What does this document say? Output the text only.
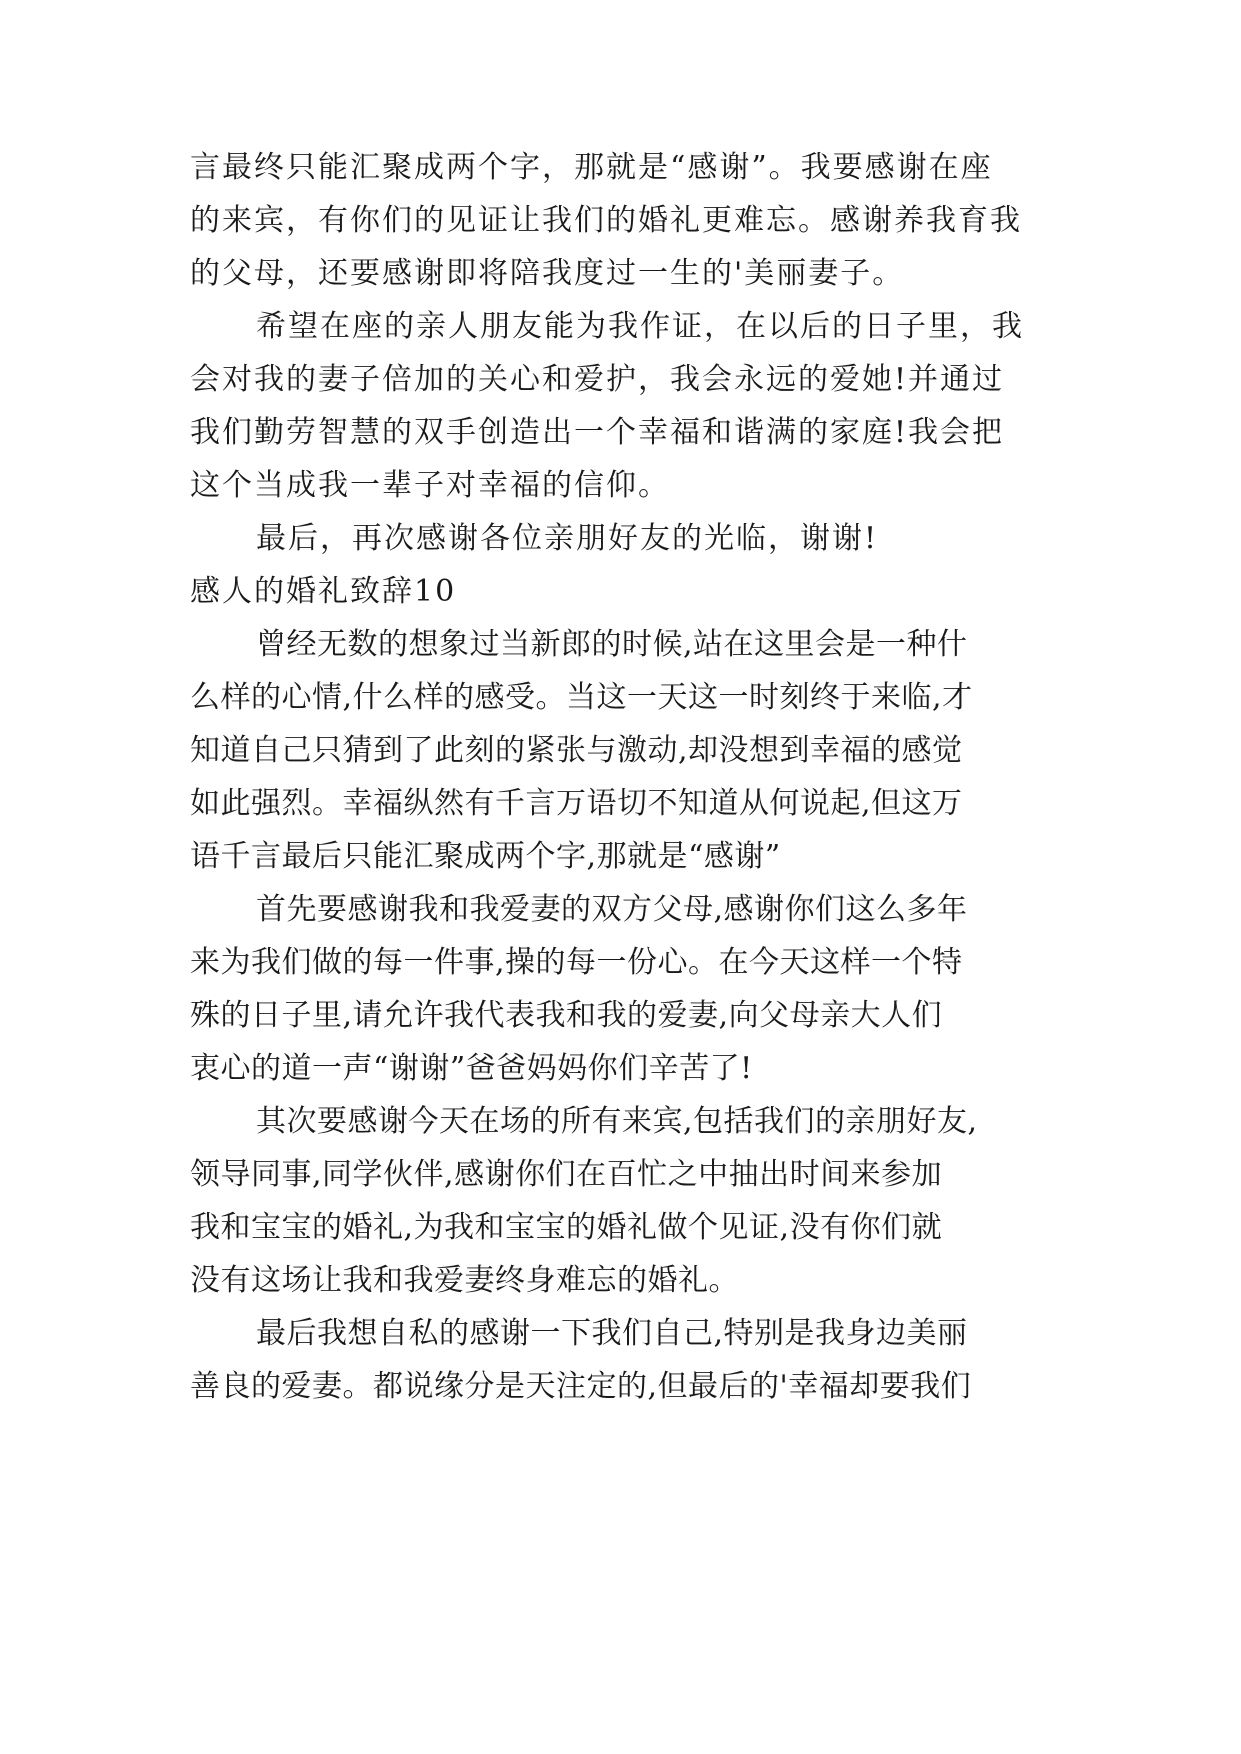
言最终只能汇聚成两个字，那就是“感谢”。我要感谢在座
的来宾，有你们的见证让我们的婚礼更难忘。感谢养我育我
的父母，还要感谢即将陪我度过一生的'美丽妻子。
希望在座的亲人朋友能为我作证，在以后的日子里，我
会对我的妻子倍加的关心和爱护，我会永远的爱她!并通过
我们勤劳智慧的双手创造出一个幸福和谐满的家庭!我会把
这个当成我一辈子对幸福的信仰。
最后，再次感谢各位亲朋好友的光临，谢谢!
感人的婚礼致辞10
曾经无数的想象过当新郎的时候,站在这里会是一种什
么样的心情,什么样的感受。当这一天这一时刻终于来临,才
知道自己只猜到了此刻的紧张与激动,却没想到幸福的感觉
如此强烈。幸福纵然有千言万语切不知道从何说起,但这万
语千言最后只能汇聚成两个字,那就是“感谢”
首先要感谢我和我爱妻的双方父母,感谢你们这么多年
来为我们做的每一件事,操的每一份心。在今天这样一个特
殊的日子里,请允许我代表我和我的爱妻,向父母亲大人们
衷心的道一声“谢谢”爸爸妈妈你们辛苦了!
其次要感谢今天在场的所有来宾,包括我们的亲朋好友,
领导同事,同学伙伴,感谢你们在百忙之中抽出时间来参加
我和宝宝的婚礼,为我和宝宝的婚礼做个见证,没有你们就
没有这场让我和我爱妻终身难忘的婚礼。
最后我想自私的感谢一下我们自己,特别是我身边美丽
善良的爱妻。都说缘分是天注定的,但最后的'幸福却要我们
